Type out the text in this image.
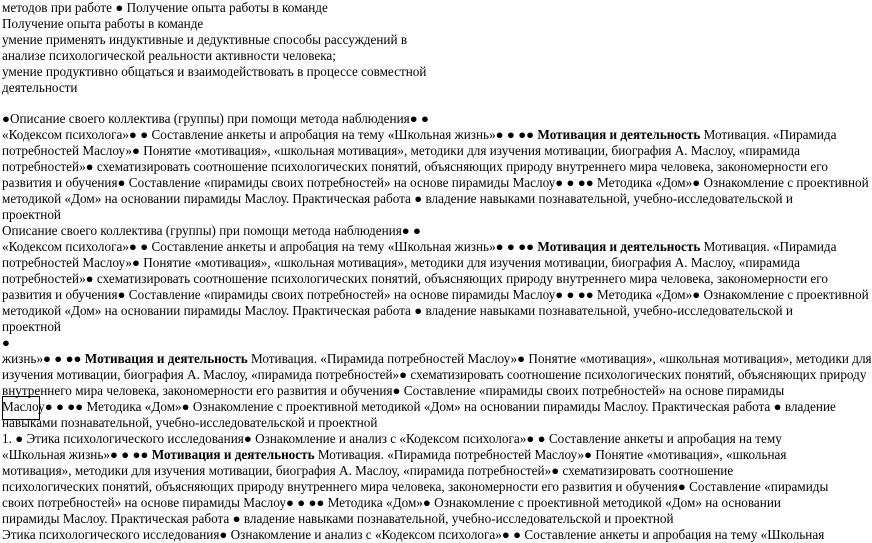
методов при работе ● Получение опыта работы в команде
Получение опыта работы в команде
умение применять индуктивные и дедуктивные способы рассуждений в
анализе психологической реальности активности человека;
умение продуктивно общаться и взаимодействовать в процессе совместной
деятельности
●Описание своего коллектива (группы) при помощи метода наблюдения● ●
«Кодексом психолога»● ● Составление анкеты и апробация на тему «Школьная жизнь»● ● ●● Мотивация и деятельность Мотивация. «Пирамида
потребностей Маслоу»● Понятие «мотивация», «школьная мотивация», методики для изучения мотивации, биография А. Маслоу, «пирамида
потребностей»● схематизировать соотношение психологических понятий, объясняющих природу внутреннего мира человека, закономерности его
развития и обучения● Составление «пирамиды своих потребностей» на основе пирамиды Маслоу● ● ●● Методика «Дом»● Ознакомление с проективной
методикой «Дом» на основании пирамиды Маслоу. Практическая работа ● владение навыками познавательной, учебно-исследовательской и
проектной
Описание своего коллектива (группы) при помощи метода наблюдения● ●
«Кодексом психолога»● ● Составление анкеты и апробация на тему «Школьная жизнь»● ● ●● Мотивация и деятельность Мотивация. «Пирамида
потребностей Маслоу»● Понятие «мотивация», «школьная мотивация», методики для изучения мотивации, биография А. Маслоу, «пирамида
потребностей»● схематизировать соотношение психологических понятий, объясняющих природу внутреннего мира человека, закономерности его
развития и обучения● Составление «пирамиды своих потребностей» на основе пирамиды Маслоу● ● ●● Методика «Дом»● Ознакомление с проективной
методикой «Дом» на основании пирамиды Маслоу. Практическая работа ● владение навыками познавательной, учебно-исследовательской и
проектной
●
жизнь»● ● ●● Мотивация и деятельность Мотивация. «Пирамида потребностей Маслоу»● Понятие «мотивация», «школьная мотивация», методики для
изучения мотивации, биография А. Маслоу, «пирамида потребностей»● схематизировать соотношение психологических понятий, объясняющих природу
внутреннего мира человека, закономерности его развития и обучения● Составление «пирамиды своих потребностей» на основе пирамиды
Маслоу● ● ●● Методика «Дом»● Ознакомление с проективной методикой «Дом» на основании пирамиды Маслоу. Практическая работа ● владение
навыками познавательной, учебно-исследовательской и проектной
1. ● Этика психологического исследования● Ознакомление и анализ с «Кодексом психолога»● ● Составление анкеты и апробация на тему
«Школьная жизнь»● ● ●● Мотивация и деятельность Мотивация. «Пирамида потребностей Маслоу»● Понятие «мотивация», «школьная
мотивация», методики для изучения мотивации, биография А. Маслоу, «пирамида потребностей»● схематизировать соотношение
психологических понятий, объясняющих природу внутреннего мира человека, закономерности его развития и обучения● Составление «пирамиды
своих потребностей» на основе пирамиды Маслоу● ● ●● Методика «Дом»● Ознакомление с проективной методикой «Дом» на основании
пирамиды Маслоу. Практическая работа ● владение навыками познавательной, учебно-исследовательской и проектной
Этика психологического исследования● Ознакомление и анализ с «Кодексом психолога»● ● Составление анкеты и апробация на тему «Школьная
